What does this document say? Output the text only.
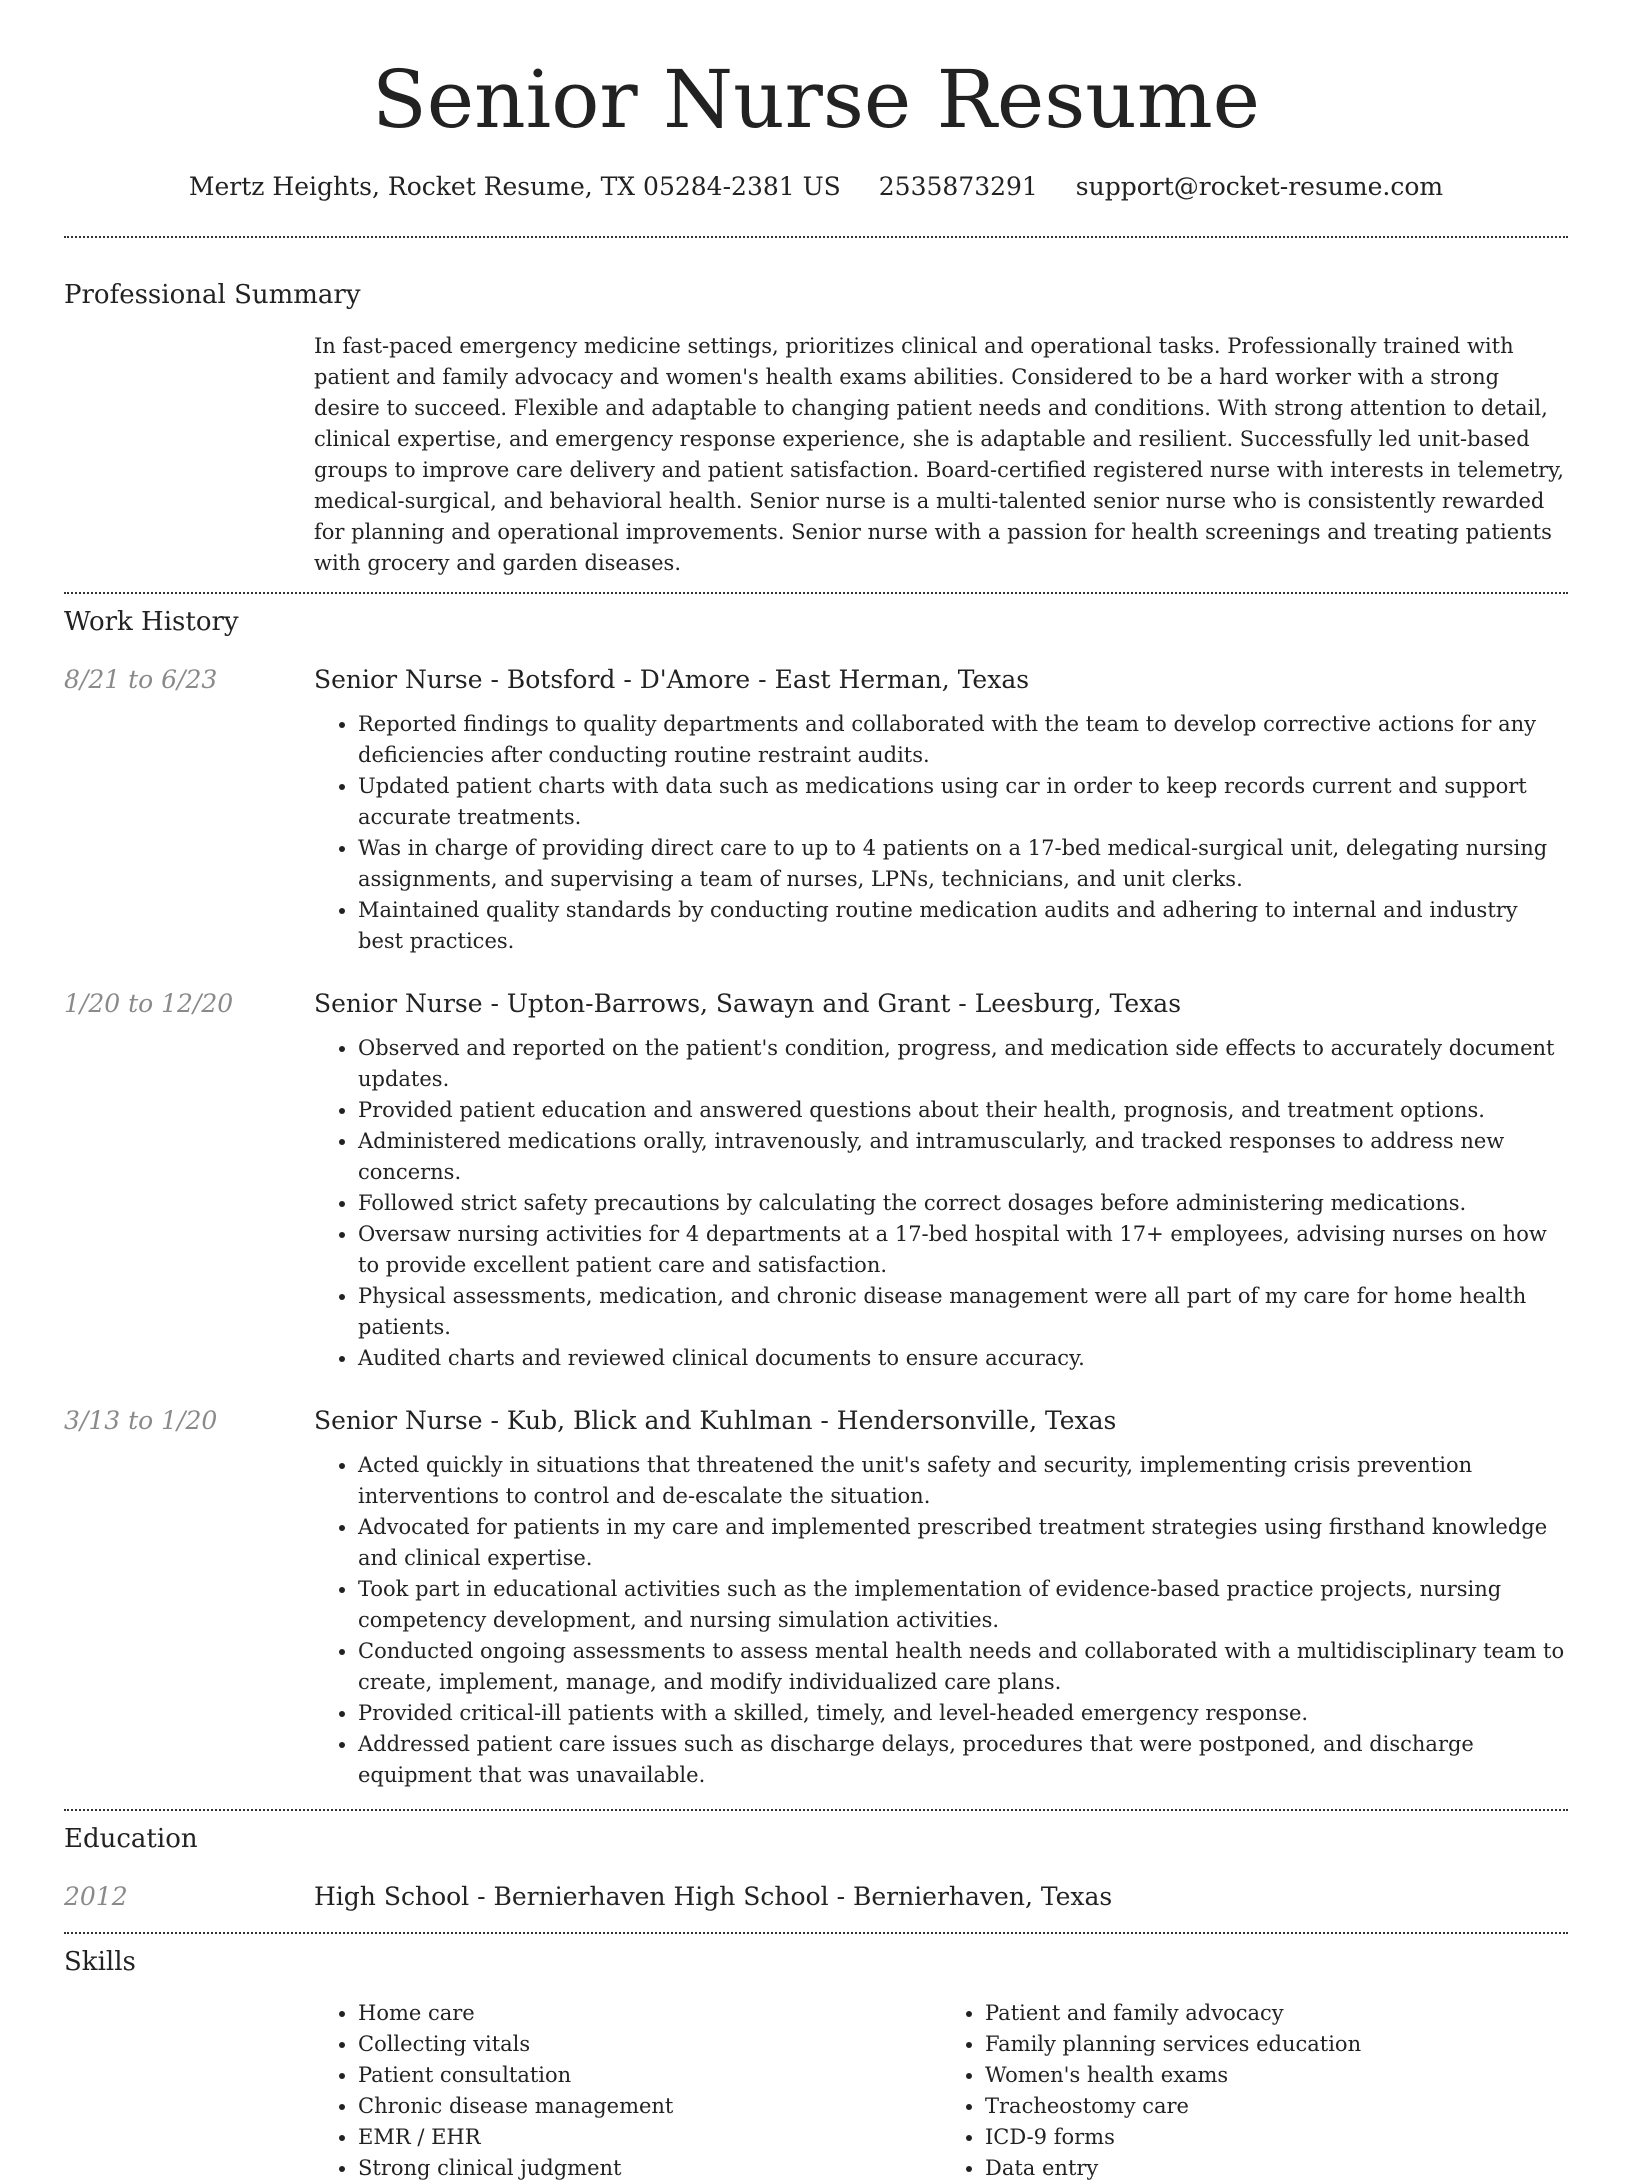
Senior Nurse Resume
Mertz Heights, Rocket Resume, TX 05284-2381 US 2535873291 support@rocket-resume.com
Professional Summary

In fast-paced emergency medicine settings, prioritizes clinical and operational tasks. Professionally trained with patient and family advocacy and women's health exams abilities. Considered to be a hard worker with a strong desire to succeed. Flexible and adaptable to changing patient needs and conditions. With strong attention to detail, clinical expertise, and emergency response experience, she is adaptable and resilient. Successfully led unit-based groups to improve care delivery and patient satisfaction. Board-certified registered nurse with interests in telemetry, medical-surgical, and behavioral health. Senior nurse is a multi-talented senior nurse who is consistently rewarded for planning and operational improvements. Senior nurse with a passion for health screenings and treating patients with grocery and garden diseases.

Work History
8/21 to 6/23	Senior Nurse - Botsford - D'Amore - East Herman, Texas
• Reported findings to quality departments and collaborated with the team to develop corrective actions for any deficiencies after conducting routine restraint audits.
• Updated patient charts with data such as medications using car in order to keep records current and support accurate treatments.
• Was in charge of providing direct care to up to 4 patients on a 17-bed medical-surgical unit, delegating nursing assignments, and supervising a team of nurses, LPNs, technicians, and unit clerks.
• Maintained quality standards by conducting routine medication audits and adhering to internal and industry best practices.
1/20 to 12/20	Senior Nurse - Upton-Barrows, Sawayn and Grant - Leesburg, Texas
• Observed and reported on the patient's condition, progress, and medication side effects to accurately document updates.
• Provided patient education and answered questions about their health, prognosis, and treatment options.
• Administered medications orally, intravenously, and intramuscularly, and tracked responses to address new concerns.
• Followed strict safety precautions by calculating the correct dosages before administering medications.
• Oversaw nursing activities for 4 departments at a 17-bed hospital with 17+ employees, advising nurses on how to provide excellent patient care and satisfaction.
• Physical assessments, medication, and chronic disease management were all part of my care for home health patients.
• Audited charts and reviewed clinical documents to ensure accuracy.
3/13 to 1/20	Senior Nurse - Kub, Blick and Kuhlman - Hendersonville, Texas
• Acted quickly in situations that threatened the unit's safety and security, implementing crisis prevention interventions to control and de-escalate the situation.
• Advocated for patients in my care and implemented prescribed treatment strategies using firsthand knowledge and clinical expertise.
• Took part in educational activities such as the implementation of evidence-based practice projects, nursing competency development, and nursing simulation activities.
• Conducted ongoing assessments to assess mental health needs and collaborated with a multidisciplinary team to create, implement, manage, and modify individualized care plans.
• Provided critical-ill patients with a skilled, timely, and level-headed emergency response.
• Addressed patient care issues such as discharge delays, procedures that were postponed, and discharge equipment that was unavailable.
Education
2012	High School - Bernierhaven High School - Bernierhaven, Texas
Skills
• Home care
• Collecting vitals
• Patient consultation
• Chronic disease management
• EMR / EHR
• Strong clinical judgment
• Patient and family advocacy
• Family planning services education
• Women's health exams
• Tracheostomy care
• ICD-9 forms
• Data entry
